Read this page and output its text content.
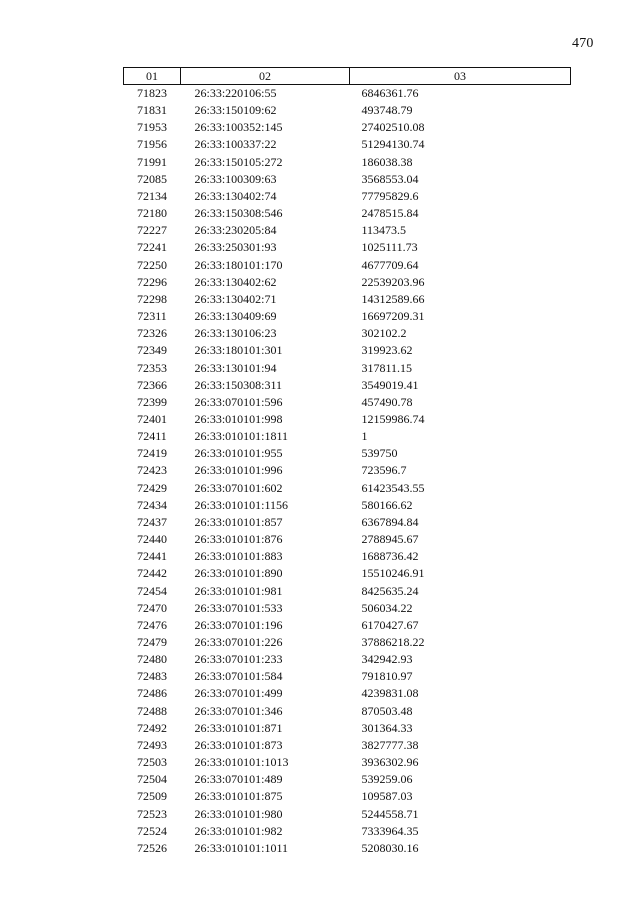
470
01	02	03
71823	26:33:220106:55	6846361.76
71831	26:33:150109:62	493748.79
71953	26:33:100352:145	27402510.08
71956	26:33:100337:22	51294130.74
71991	26:33:150105:272	186038.38
72085	26:33:100309:63	3568553.04
72134	26:33:130402:74	77795829.6
72180	26:33:150308:546	2478515.84
72227	26:33:230205:84	113473.5
72241	26:33:250301:93	1025111.73
72250	26:33:180101:170	4677709.64
72296	26:33:130402:62	22539203.96
72298	26:33:130402:71	14312589.66
72311	26:33:130409:69	16697209.31
72326	26:33:130106:23	302102.2
72349	26:33:180101:301	319923.62
72353	26:33:130101:94	317811.15
72366	26:33:150308:311	3549019.41
72399	26:33:070101:596	457490.78
72401	26:33:010101:998	12159986.74
72411	26:33:010101:1811	1
72419	26:33:010101:955	539750
72423	26:33:010101:996	723596.7
72429	26:33:070101:602	61423543.55
72434	26:33:010101:1156	580166.62
72437	26:33:010101:857	6367894.84
72440	26:33:010101:876	2788945.67
72441	26:33:010101:883	1688736.42
72442	26:33:010101:890	15510246.91
72454	26:33:010101:981	8425635.24
72470	26:33:070101:533	506034.22
72476	26:33:070101:196	6170427.67
72479	26:33:070101:226	37886218.22
72480	26:33:070101:233	342942.93
72483	26:33:070101:584	791810.97
72486	26:33:070101:499	4239831.08
72488	26:33:070101:346	870503.48
72492	26:33:010101:871	301364.33
72493	26:33:010101:873	3827777.38
72503	26:33:010101:1013	3936302.96
72504	26:33:070101:489	539259.06
72509	26:33:010101:875	109587.03
72523	26:33:010101:980	5244558.71
72524	26:33:010101:982	7333964.35
72526	26:33:010101:1011	5208030.16
